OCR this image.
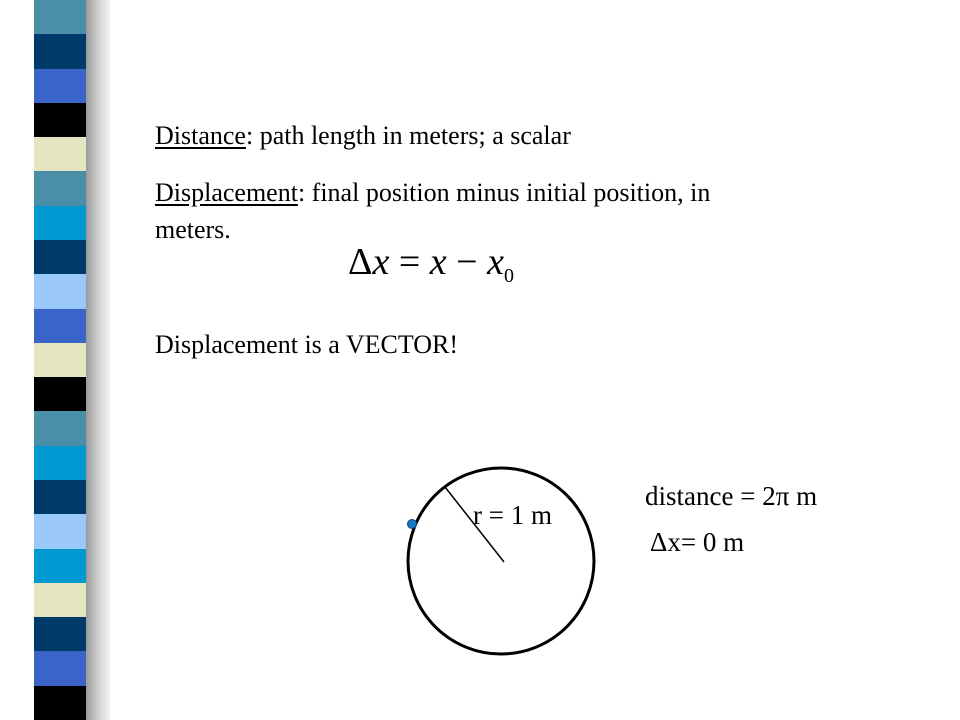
Distance: path length in meters; a scalar
Displacement: final position minus initial position, in
meters.
$\Delta x = x - x_0$
Displacement is a VECTOR!
r = 1 m
distance = 2π m
Δx= 0 m
